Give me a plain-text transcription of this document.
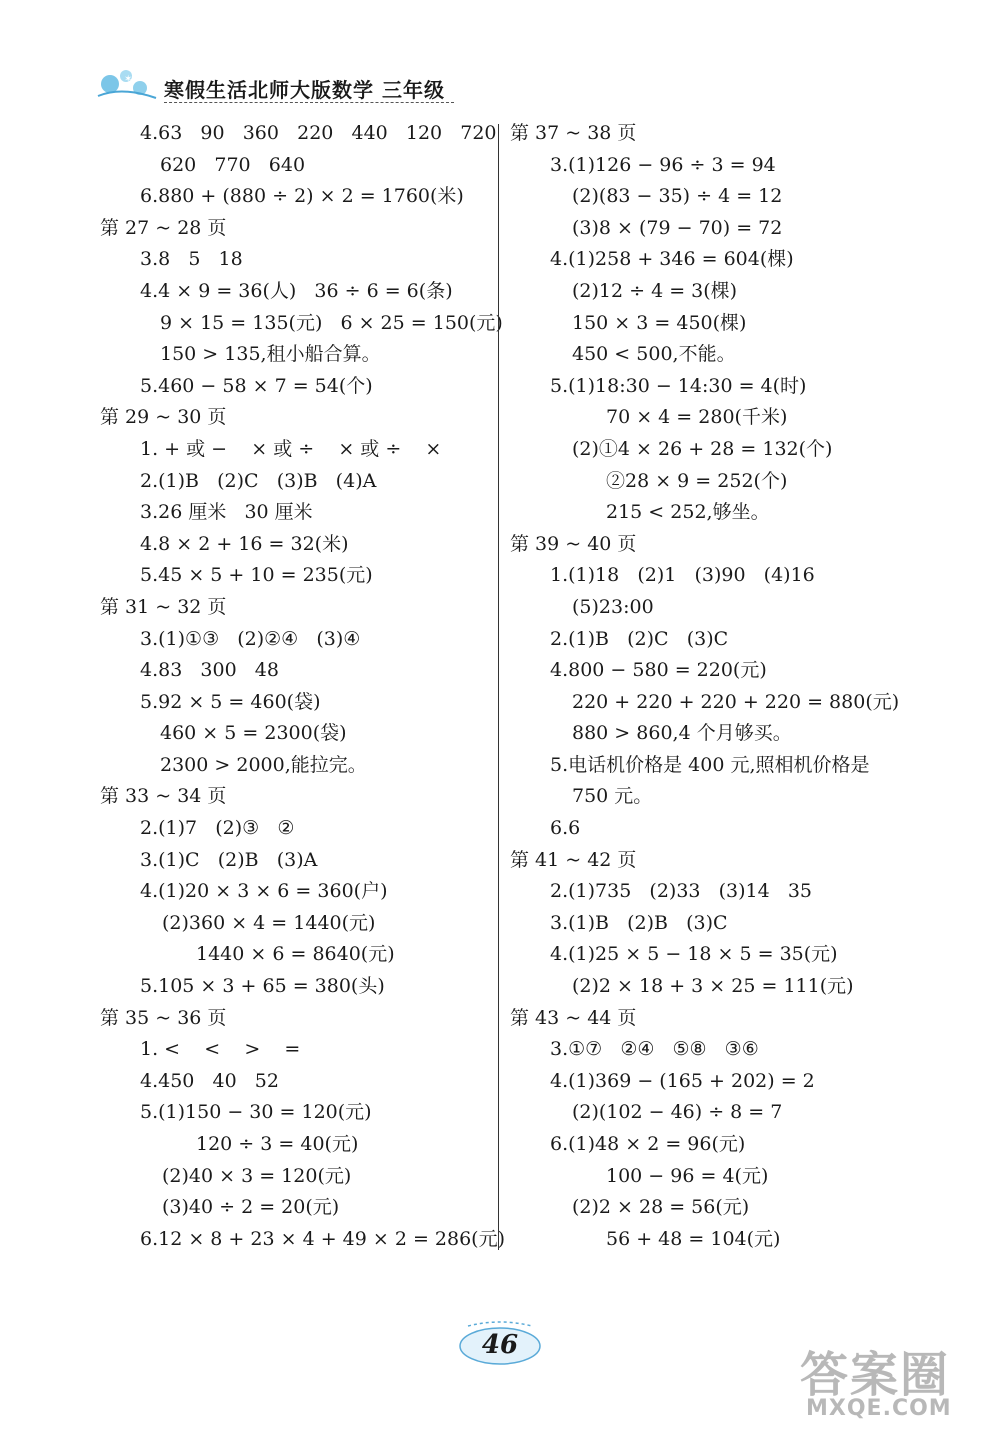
✶ 寒假生活北师大版数学 三年级
4.63   90   360   220   440   120   720
620   770   640
6.880 + (880 ÷ 2) × 2 = 1760(米)
第 27 ~ 28 页
3.8   5   18
4.4 × 9 = 36(人)   36 ÷ 6 = 6(条)
9 × 15 = 135(元)   6 × 25 = 150(元)
150 > 135,租小船合算。
5.460 − 58 × 7 = 54(个)
第 29 ~ 30 页
1. + 或 −    × 或 ÷    × 或 ÷    ×
2.(1)B   (2)C   (3)B   (4)A
3.26 厘米   30 厘米
4.8 × 2 + 16 = 32(米)
5.45 × 5 + 10 = 235(元)
第 31 ~ 32 页
3.(1)①③   (2)②④   (3)④
4.83   300   48
5.92 × 5 = 460(袋)
460 × 5 = 2300(袋)
2300 > 2000,能拉完。
第 33 ~ 34 页
2.(1)7   (2)③   ②
3.(1)C   (2)B   (3)A
4.(1)20 × 3 × 6 = 360(户)
(2)360 × 4 = 1440(元)
1440 × 6 = 8640(元)
5.105 × 3 + 65 = 380(头)
第 35 ~ 36 页
1. <    <    >    =
4.450   40   52
5.(1)150 − 30 = 120(元)
120 ÷ 3 = 40(元)
(2)40 × 3 = 120(元)
(3)40 ÷ 2 = 20(元)
6.12 × 8 + 23 × 4 + 49 × 2 = 286(元)
第 37 ~ 38 页
3.(1)126 − 96 ÷ 3 = 94
(2)(83 − 35) ÷ 4 = 12
(3)8 × (79 − 70) = 72
4.(1)258 + 346 = 604(棵)
(2)12 ÷ 4 = 3(棵)
150 × 3 = 450(棵)
450 < 500,不能。
5.(1)18:30 − 14:30 = 4(时)
70 × 4 = 280(千米)
(2)①4 × 26 + 28 = 132(个)
②28 × 9 = 252(个)
215 < 252,够坐。
第 39 ~ 40 页
1.(1)18   (2)1   (3)90   (4)16
(5)23:00
2.(1)B   (2)C   (3)C
4.800 − 580 = 220(元)
220 + 220 + 220 + 220 = 880(元)
880 > 860,4 个月够买。
5.电话机价格是 400 元,照相机价格是
750 元。
6.6
第 41 ~ 42 页
2.(1)735   (2)33   (3)14   35
3.(1)B   (2)B   (3)C
4.(1)25 × 5 − 18 × 5 = 35(元)
(2)2 × 18 + 3 × 25 = 111(元)
第 43 ~ 44 页
3.①⑦   ②④   ⑤⑧   ③⑥
4.(1)369 − (165 + 202) = 2
(2)(102 − 46) ÷ 8 = 7
6.(1)48 × 2 = 96(元)
100 − 96 = 4(元)
(2)2 × 28 = 56(元)
56 + 48 = 104(元)
46
答案圈
MXQE.COM
